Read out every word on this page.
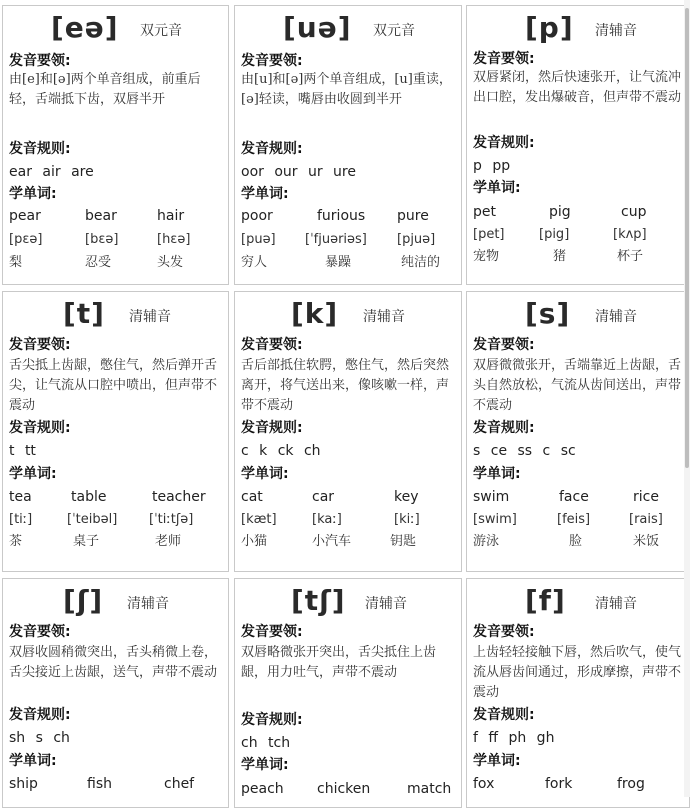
[eə] 双元音
发音要领:
由[e]和[ə]两个单音组成，前重后轻，舌端抵下齿，双唇半开
发音规则:
ear air are
学单词:
pear	bear	hair
[pεə]	[bεə]	[hεə]
梨	忍受	头发
[uə] 双元音
发音要领:
由[u]和[ə]两个单音组成，[u]重读，[ə]轻读，嘴唇由收圆到半开
发音规则:
oor our ur ure
学单词:
poor	furious pure
[puə] [ˈfjuəriəs] [pjuə]
穷人	暴躁	纯洁的
[p] 清辅音
发音要领:
双唇紧闭，然后快速张开，让气流冲出口腔，发出爆破音，但声带不震动
发音规则:
p pp
学单词:
pet	pig	cup
[pet]	[pig]	[kʌp]
宠物	猪	杯子
[t] 清辅音
发音要领:
舌尖抵上齿龈，憋住气，然后弹开舌尖，让气流从口腔中喷出，但声带不震动
发音规则:
t tt
学单词:
tea	table	teacher
[tiː]	[ˈteibəl] [ˈtiːtʃə]
茶	桌子	老师
[k] 清辅音
发音要领:
舌后部抵住软腭，憋住气，然后突然离开，将气送出来，像咳嗽一样，声带不震动
发音规则:
c k ck ch
学单词:
cat	car	key
[kæt]	[kaː]	[kiː]
小猫	小汽车	钥匙
[s] 清辅音
发音要领:
双唇微微张开，舌端靠近上齿龈，舌头自然放松，气流从齿间送出，声带不震动
发音规则:
s ce ss c sc
学单词:
swim	face	rice
[swim]	[feis]	[rais]
游泳	脸	米饭
[ʃ] 清辅音
发音要领:
双唇收圆稍微突出，舌头稍微上卷，舌尖接近上齿龈，送气，声带不震动
发音规则:
sh s ch
学单词:
ship	fish	chef
[tʃ] 清辅音
发音要领:
双唇略微张开突出，舌尖抵住上齿龈，用力吐气，声带不震动
发音规则:
ch tch
学单词:
peach chicken	match
[f] 清辅音
发音要领:
上齿轻轻接触下唇，然后吹气，使气流从唇齿间通过，形成摩擦，声带不震动
发音规则:
f ff ph gh
学单词:
fox	fork	frog
